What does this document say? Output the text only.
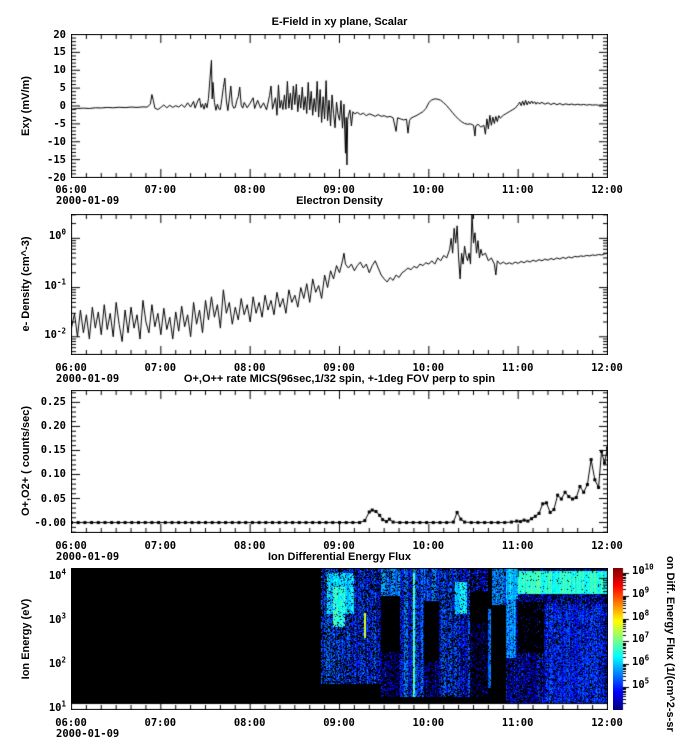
E-Field in xy plane, Scalar
Electron Density
O+,O++ rate MICS(96sec,1/32 spin, +-1deg FOV perp to spin
Ion Differential Energy Flux
Exy (mV/m)
e- Density (cm^-3)
O+,O2+ ( counts/sec)
Ion Energy (eV)
2000-01-09
2000-01-09
2000-01-09
2000-01-09
on Diff. Energy Flux (1/(cm^2-s-sr
06:00	07:00	08:00	09:00	10:00	11:00	12:00
06:00	07:00	08:00	09:00	10:00	11:00	12:00
06:00	07:00	08:00	09:00	10:00	11:00	12:00
06:00	07:00	08:00	09:00	10:00	11:00	12:00
20
15
10
5
0
-5
-10
-15
-20
$10^0$
$10^{-1}$
$10^{-2}$
0.25
0.20
0.15
0.10
0.05
-0.00
$10^4$
$10^3$
$10^2$
$10^1$
$10^{10}$
$10^9$
$10^8$
$10^7$
$10^6$
$10^5$
